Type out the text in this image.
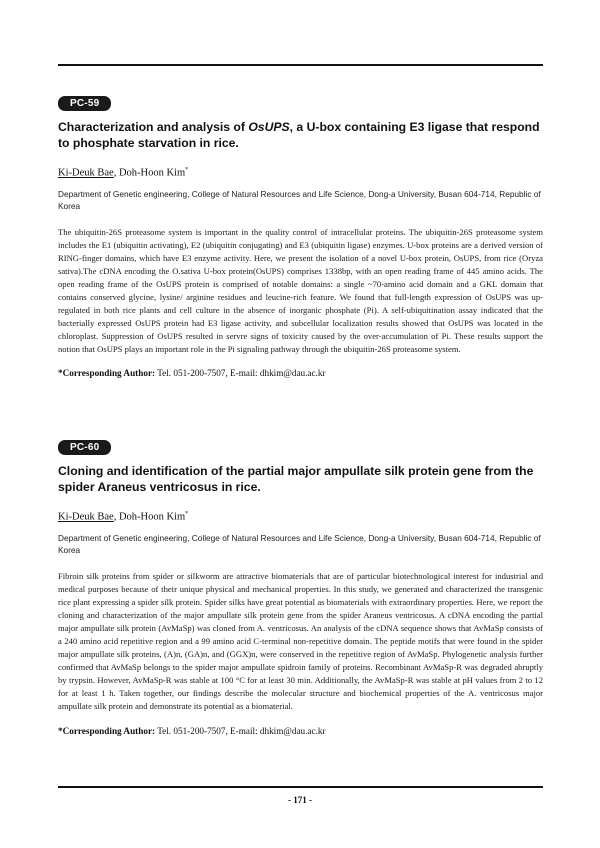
PC-59
Characterization and analysis of OsUPS, a U-box containing E3 ligase that respond to phosphate starvation in rice.
Ki-Deuk Bae, Doh-Hoon Kim*
Department of Genetic engineering, College of Natural Resources and Life Science, Dong-a University, Busan 604-714, Republic of Korea
The ubiquitin-26S proteasome system is important in the quality control of intracellular proteins. The ubiquitin-26S proteasome system includes the E1 (ubiquitin activating), E2 (ubiquitin conjugating) and E3 (ubiquitin ligase) enzymes. U-box proteins are a derived version of RING-finger domains, which have E3 enzyme activity. Here, we present the isolation of a novel U-box protein, OsUPS, from rice (Oryza sativa).The cDNA encoding the O.sativa U-box protein(OsUPS) comprises 1338bp, with an open reading frame of 445 amino acids. The open reading frame of the OsUPS protein is comprised of notable domains: a single ~70-amino acid domain and a GKL domain that contains conserved glycine, lysine/ arginine residues and leucine-rich feature. We found that full-length expression of OsUPS was up-regulated in both rice plants and cell culture in the absence of inorganic phosphate (Pi). A self-ubiquitination assay indicated that the bacterially expressed OsUPS protein had E3 ligase activity, and subcellular localization results showed that OsUPS was located in the chloroplast. Suppression of OsUPS resulted in servre signs of toxicity caused by the over-accumulation of Pi. These results support the notion that OsUPS plays an important role in the Pi signaling pathway through the ubiquitin-26S proteasome system.
*Corresponding Author: Tel. 051-200-7507, E-mail: dhkim@dau.ac.kr
PC-60
Cloning and identification of the partial major ampullate silk protein gene from the spider Araneus ventricosus in rice.
Ki-Deuk Bae, Doh-Hoon Kim*
Department of Genetic engineering, College of Natural Resources and Life Science, Dong-a University, Busan 604-714, Republic of Korea
Fibroin silk proteins from spider or silkworm are attractive biomaterials that are of particular biotechnological interest for industrial and medical purposes because of their unique physical and mechanical properties. In this study, we generated and characterized the transgenic rice plant expressing a spider silk protein. Spider silks have great potential as biomaterials with extraordinary properties. Here, we report the cloning and characterization of the major ampullate silk protein gene from the spider Araneus ventricosus. A cDNA encoding the partial major ampullate silk protein (AvMaSp) was cloned from A. ventricosus. An analysis of the cDNA sequence shows that AvMaSp consists of a 240 amino acid repetitive region and a 99 amino acid C-terminal non-repetitive domain. The peptide motifs that were found in the spider major ampullate silk proteins, (A)n, (GA)n, and (GGX)n, were conserved in the repetitive region of AvMaSp. Phylogenetic analysis further confirmed that AvMaSp belongs to the spider major ampullate spidroin family of proteins. Recombinant AvMaSp-R was degraded abruptly by trypsin. However, AvMaSp-R was stable at 100 °C for at least 30 min. Additionally, the AvMaSp-R was stable at pH values from 2 to 12 for at least 1 h. Taken together, our findings describe the molecular structure and biochemical properties of the A. ventricosus major ampullate silk protein and demonstrate its potential as a biomaterial.
*Corresponding Author: Tel. 051-200-7507, E-mail: dhkim@dau.ac.kr
- 171 -
